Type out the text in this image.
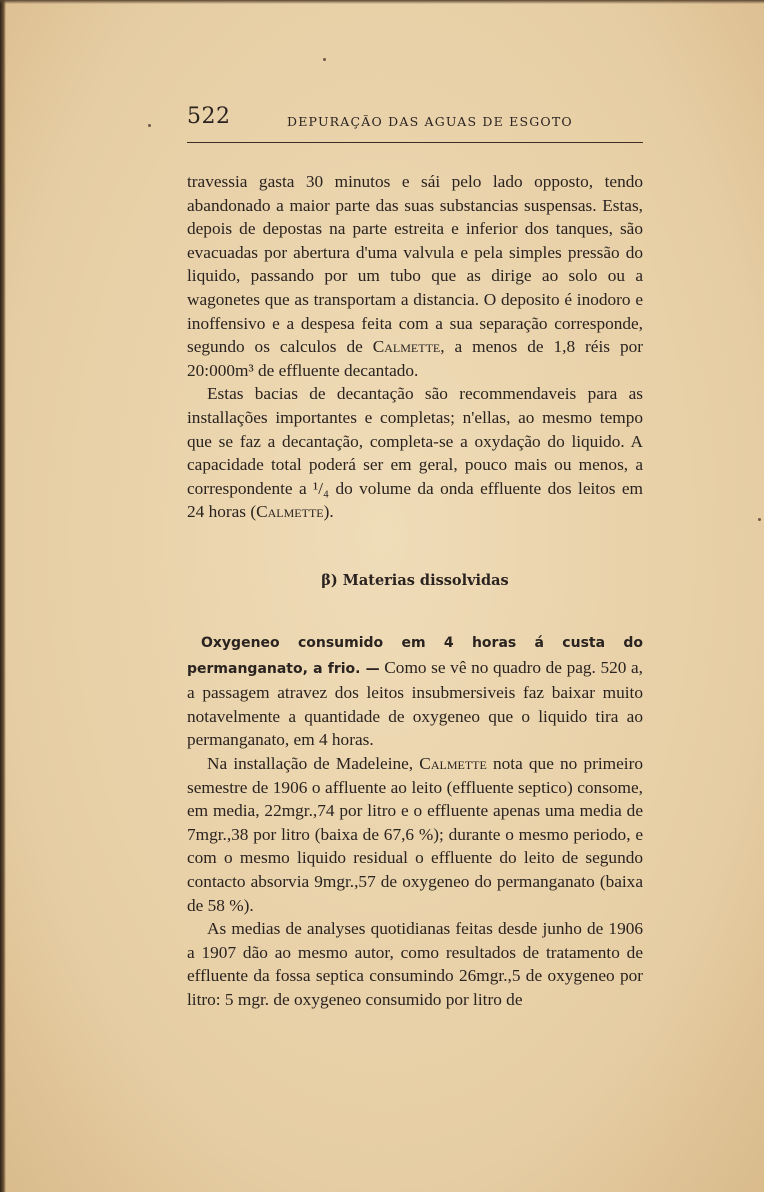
522	DEPURAÇÃO DAS AGUAS DE ESGOTO

travessia gasta 30 minutos e sái pelo lado opposto, tendo abandonado a maior parte das suas substancias suspensas. Estas, depois de depostas na parte estreita e inferior dos tanques, são evacuadas por abertura d'uma valvula e pela simples pressão do liquido, passando por um tubo que as dirige ao solo ou a wagonetes que as transportam a distancia. O deposito é inodoro e inoffensivo e a despesa feita com a sua separação corresponde, segundo os calculos de Calmette, a menos de 1,8 réis por 20:000m³ de effluente decantado.

Estas bacias de decantação são recommendaveis para as installações importantes e completas; n'ellas, ao mesmo tempo que se faz a decantação, completa-se a oxydação do liquido. A capacidade total poderá ser em geral, pouco mais ou menos, a correspondente a ¹/₄ do volume da onda effluente dos leitos em 24 horas (Calmette).

β) Materias dissolvidas

Oxygeneo consumido em 4 horas á custa do permanganato, a frio. — Como se vê no quadro de pag. 520 a, a passagem atravez dos leitos insubmersiveis faz baixar muito notavelmente a quantidade de oxygeneo que o liquido tira ao permanganato, em 4 horas.

Na installação de Madeleine, Calmette nota que no primeiro semestre de 1906 o affluente ao leito (effluente septico) consome, em media, 22mgr.,74 por litro e o effluente apenas uma media de 7mgr.,38 por litro (baixa de 67,6 %); durante o mesmo periodo, e com o mesmo liquido residual o effluente do leito de segundo contacto absorvia 9mgr.,57 de oxygeneo do permanganato (baixa de 58 %).

As medias de analyses quotidianas feitas desde junho de 1906 a 1907 dão ao mesmo autor, como resultados de tratamento de effluente da fossa septica consumindo 26mgr.,5 de oxygeneo por litro: 5 mgr. de oxygeneo consumido por litro de
